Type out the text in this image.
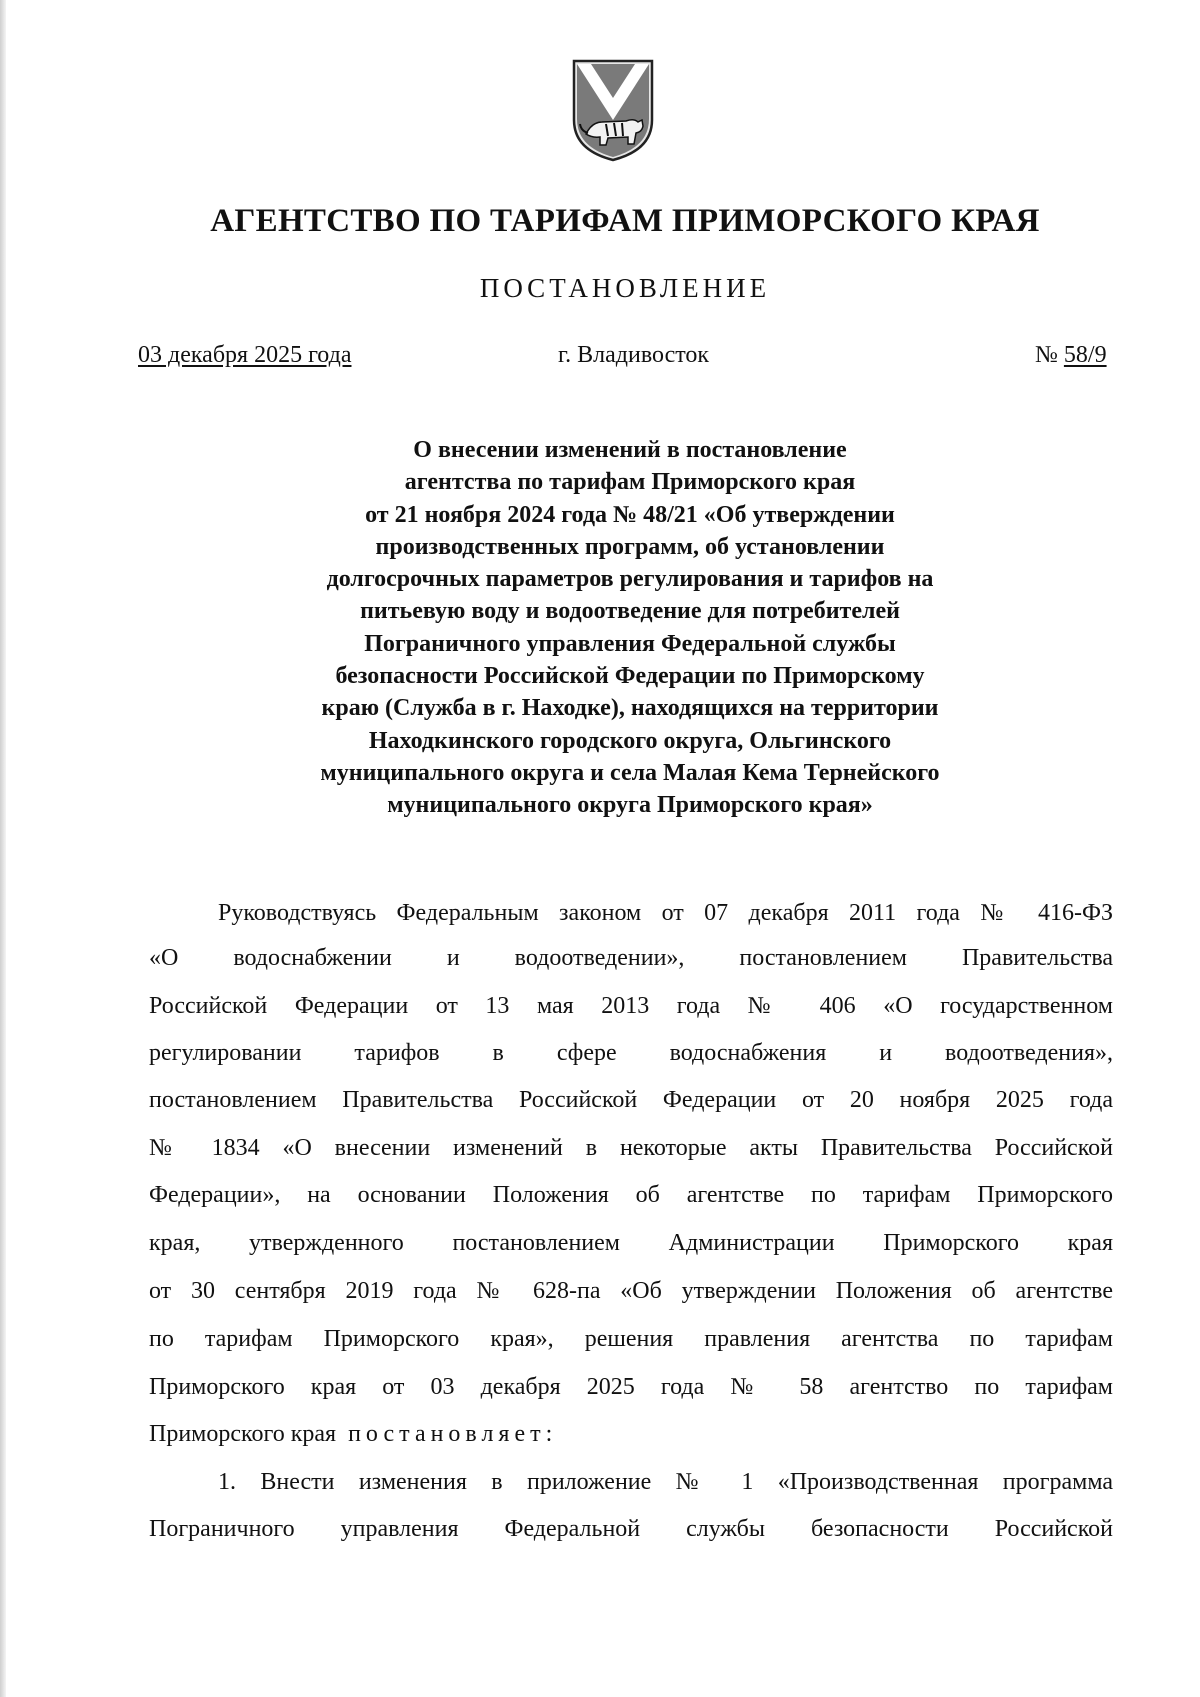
АГЕНТСТВО ПО ТАРИФАМ ПРИМОРСКОГО КРАЯ
ПОСТАНОВЛЕНИЕ
03 декабря 2025 года	г. Владивосток	№ 58/9
О внесении изменений в постановление
агентства по тарифам Приморского края
от 21 ноября 2024 года № 48/21 «Об утверждении
производственных программ, об установлении
долгосрочных параметров регулирования и тарифов на
питьевую воду и водоотведение для потребителей
Пограничного управления Федеральной службы
безопасности Российской Федерации по Приморскому
краю (Служба в г. Находке), находящихся на территории
Находкинского городского округа, Ольгинского
муниципального округа и села Малая Кема Тернейского
муниципального округа Приморского края»
Руководствуясь Федеральным законом от 07 декабря 2011 года № 416-ФЗ
«О водоснабжении и водоотведении», постановлением Правительства
Российской Федерации от 13 мая 2013 года № 406 «О государственном
регулировании тарифов в сфере водоснабжения и водоотведения»,
постановлением Правительства Российской Федерации от 20 ноября 2025 года
№ 1834 «О внесении изменений в некоторые акты Правительства Российской
Федерации», на основании Положения об агентстве по тарифам Приморского
края, утвержденного постановлением Администрации Приморского края
от 30 сентября 2019 года № 628-па «Об утверждении Положения об агентстве
по тарифам Приморского края», решения правления агентства по тарифам
Приморского края от 03 декабря 2025 года № 58 агентство по тарифам
Приморского края постановляет:
1. Внести изменения в приложение № 1 «Производственная программа
Пограничного управления Федеральной службы безопасности Российской
